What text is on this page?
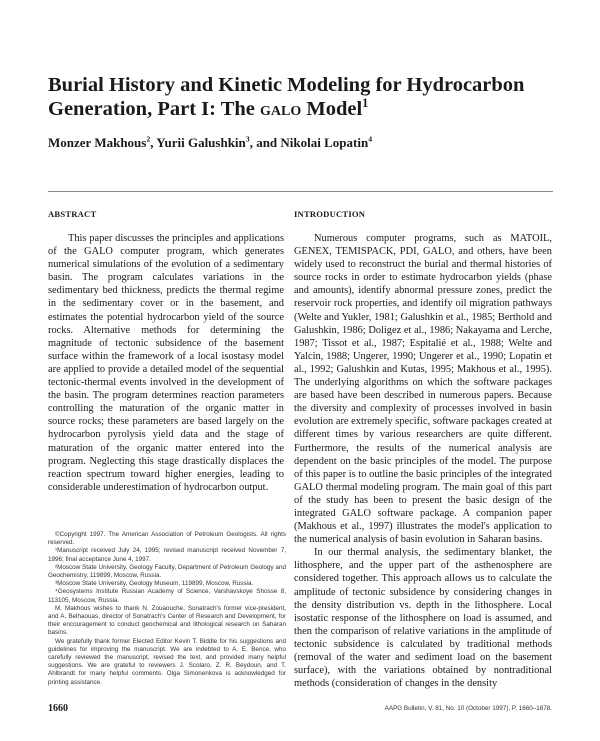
Burial History and Kinetic Modeling for Hydrocarbon
Generation, Part I: The galo Model$^1$
Monzer Makhous$^2$, Yurii Galushkin$^3$, and Nikolai Lopatin$^4$
ABSTRACT

This paper discusses the principles and applications of the GALO computer program, which generates numerical simulations of the evolution of a sedimentary basin. The program calculates variations in the sedimentary bed thickness, predicts the thermal regime in the sedimentary cover or in the basement, and estimates the potential hydrocarbon yield of the source rocks. Alternative methods for determining the magnitude of tectonic subsidence of the basement surface within the framework of a local isostasy model are applied to provide a detailed model of the sequential tectonic-thermal events involved in the development of the basin. The program determines reaction parameters controlling the maturation of the organic matter in source rocks; these parameters are based largely on the hydrocarbon pyrolysis yield data and the stage of maturation of the organic matter entered into the program. Neglecting this stage drastically displaces the reaction spectrum toward higher energies, leading to considerable underestimation of hydrocarbon output.

INTRODUCTION

Numerous computer programs, such as MATOIL, GENEX, TEMISPACK, PDI, GALO, and others, have been widely used to reconstruct the burial and thermal histories of source rocks in order to estimate hydrocarbon yields (phase and amounts), identify abnormal pressure zones, predict the reservoir rock properties, and identify oil migration pathways (Welte and Yukler, 1981; Galushkin et al., 1985; Berthold and Galushkin, 1986; Doligez et al., 1986; Nakayama and Lerche, 1987; Tissot et al., 1987; Espitalié et al., 1988; Welte and Yalcin, 1988; Ungerer, 1990; Ungerer et al., 1990; Lopatin et al., 1992; Galushkin and Kutas, 1995; Makhous et al., 1995). The underlying algorithms on which the software packages are based have been described in numerous papers. Because the diversity and complexity of processes involved in basin evolution are extremely specific, software packages created at different times by various researchers are quite different. Furthermore, the results of the numerical analysis are dependent on the basic principles of the model. The purpose of this paper is to outline the basic principles of the integrated GALO thermal modeling program. The main goal of this part of the study has been to present the basic design of the integrated GALO software package. A companion paper (Makhous et al., 1997) illustrates the model's application to the numerical analysis of basin evolution in Saharan basins.

In our thermal analysis, the sedimentary blanket, the lithosphere, and the upper part of the asthenosphere are considered together. This approach allows us to calculate the amplitude of tectonic subsidence by considering changes in the density distribution vs. depth in the lithosphere. Local isostatic response of the lithosphere on load is assumed, and then the comparison of relative variations in the amplitude of tectonic subsidence is calculated by traditional methods (removal of the water and sediment load on the basement surface), with the variations obtained by nontraditional methods (consideration of changes in the density

©Copyright 1997. The American Association of Petroleum Geologists. All rights reserved.

¹Manuscript received July 24, 1995; revised manuscript received November 7, 1996; final acceptance June 4, 1997.

²Moscow State University, Geology Faculty, Department of Petroleum Geology and Geochemistry, 119899, Moscow, Russia.

³Moscow State University, Geology Museum, 119899, Moscow, Russia.

⁴Geosystems Institute Russian Academy of Science, Varshavskoye Shosse 8, 113105, Moscow, Russia.

M. Makhous wishes to thank N. Zouaouche, Sonatrach's former vice-president, and A. Belhaouas, director of Sonatrach's Center of Research and Development, for their encouragement to conduct geochemical and lithological research on Saharan basins.

We gratefully thank former Elected Editor Kevin T. Biddle for his suggestions and guidelines for improving the manuscript. We are indebted to A. E. Bence, who carefully reviewed the manuscript, revised the text, and provided many helpful suggestions. We are grateful to reviewers J. Scolaro, Z. R. Beydoun, and T. Ahlbrandt for many helpful comments. Olga Simonenkova is acknowledged for printing assistance.

1660	AAPG Bulletin, V. 81, No. 10 (October 1997), P. 1660–1678.
